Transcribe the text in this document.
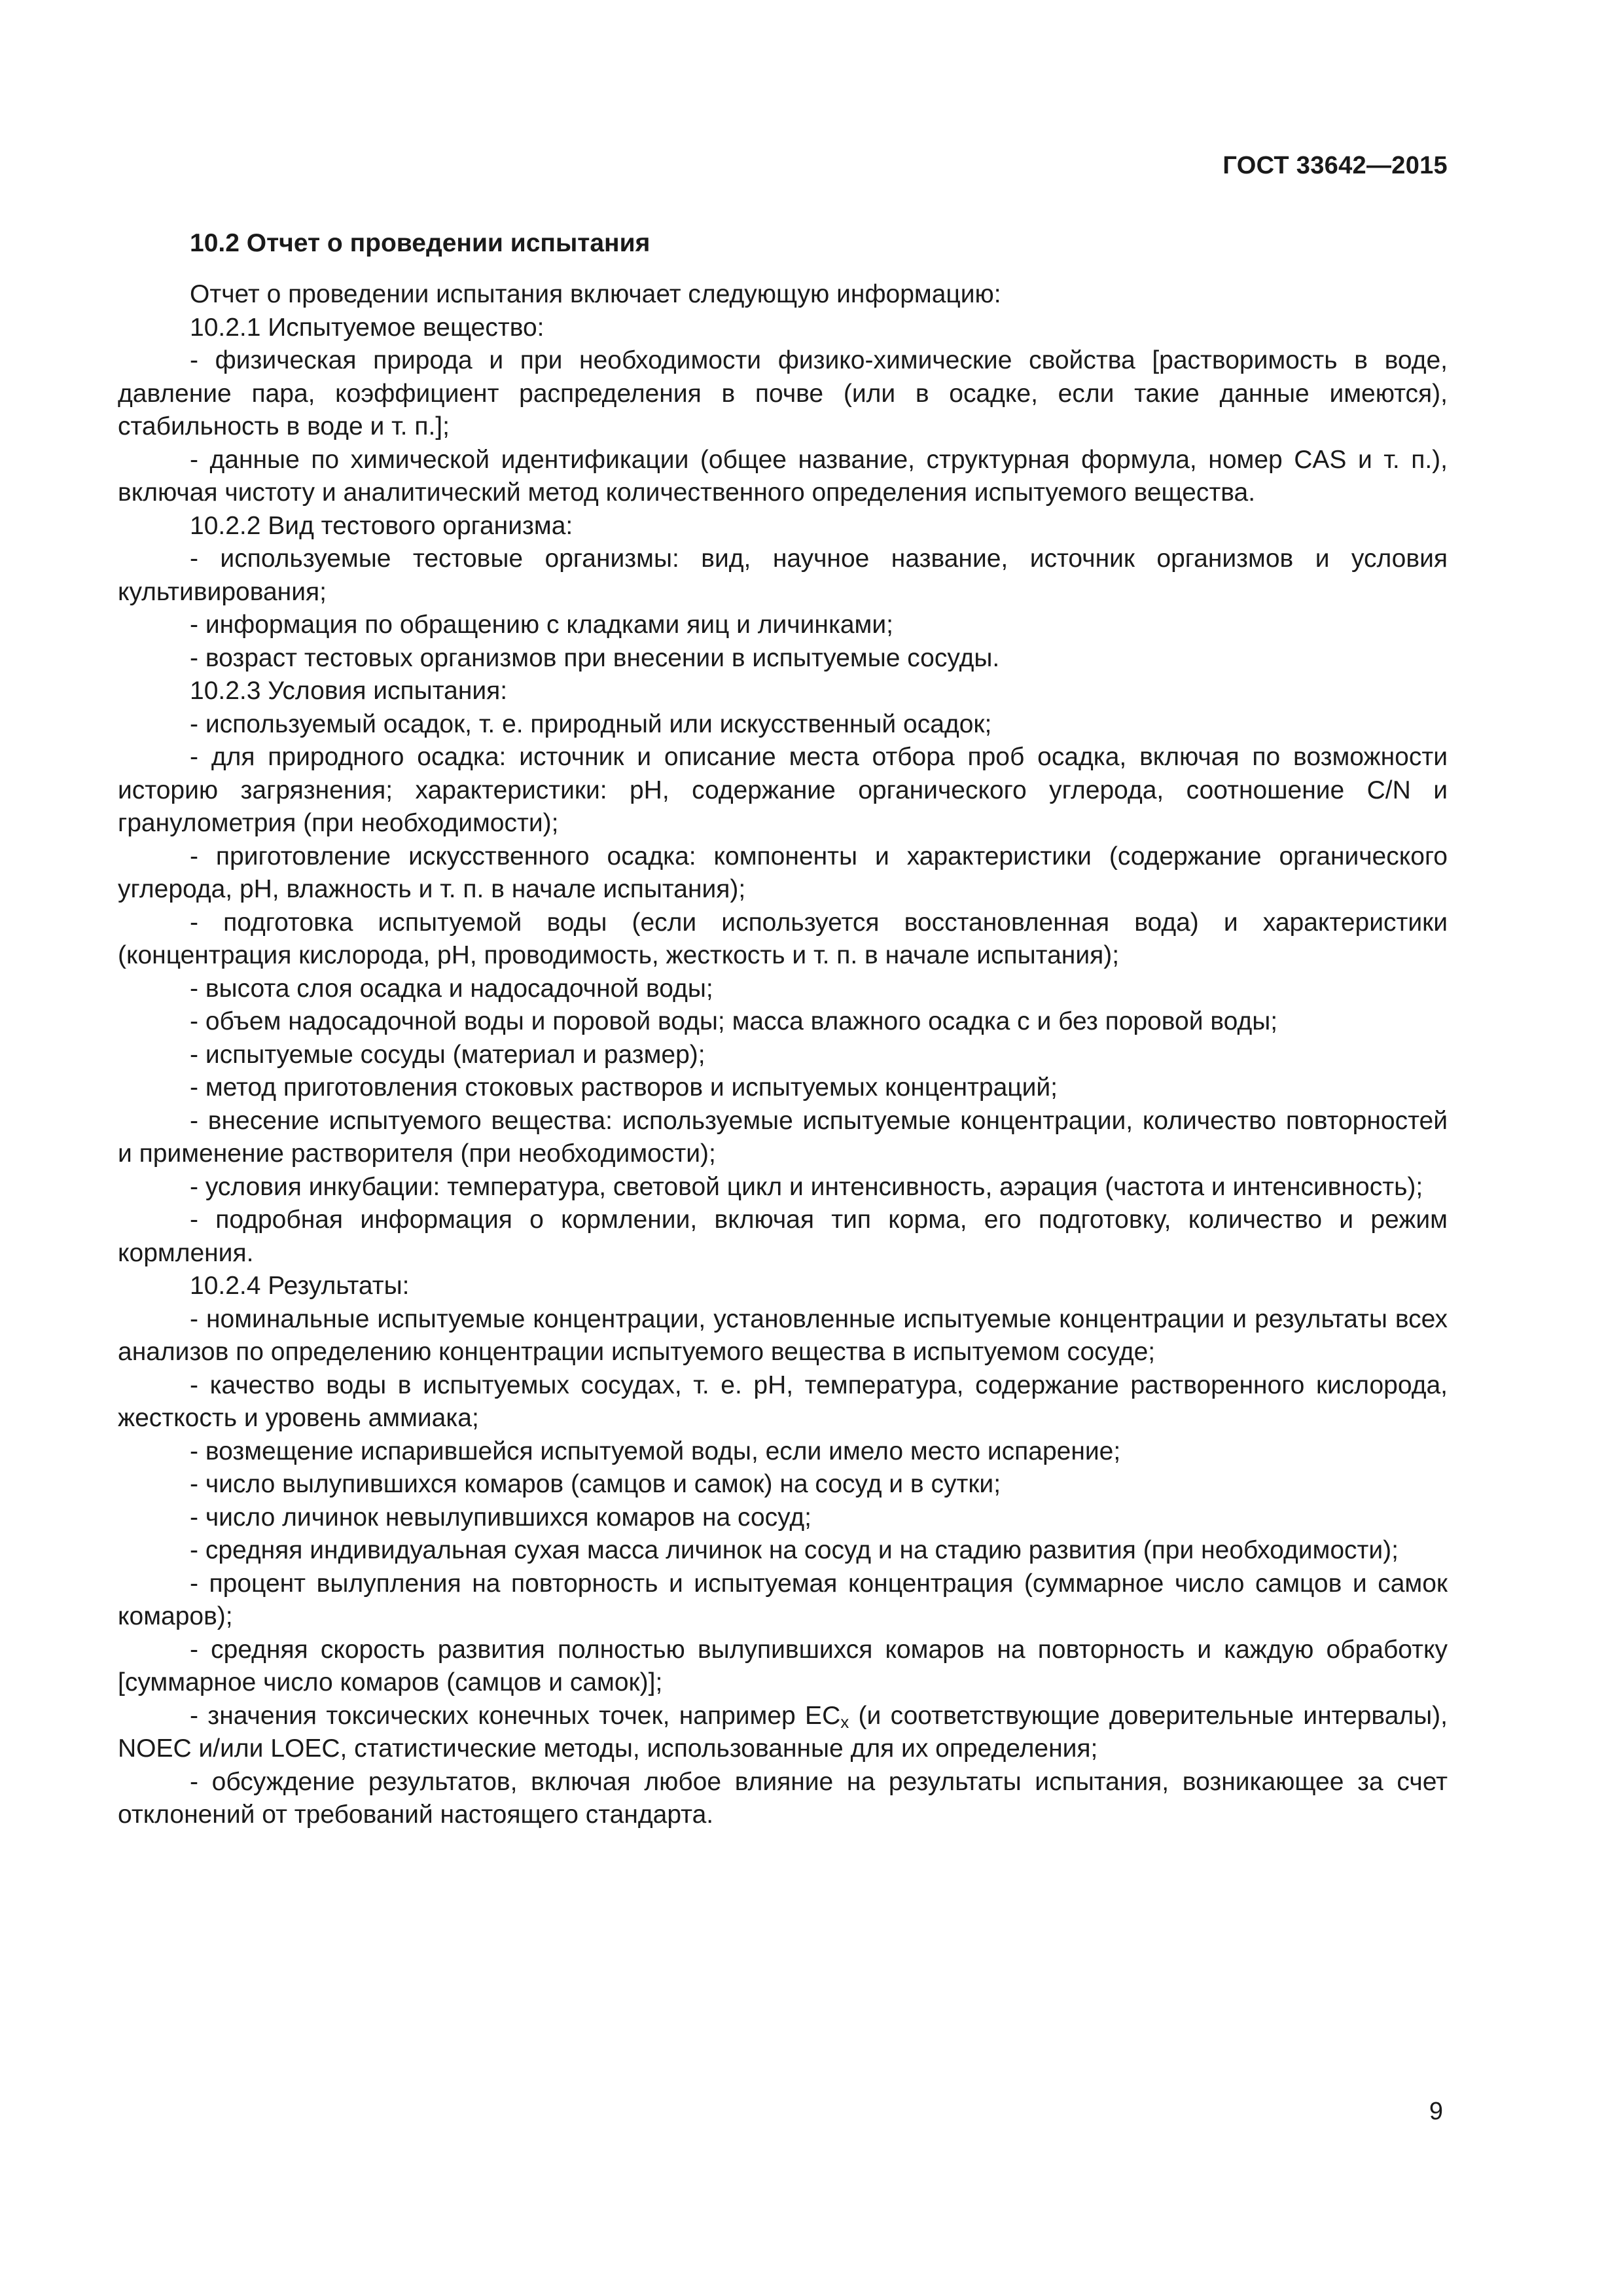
ГОСТ 33642—2015

10.2 Отчет о проведении испытания

Отчет о проведении испытания включает следующую информацию:

10.2.1 Испытуемое вещество:

- физическая природа и при необходимости физико-химические свойства [растворимость в воде, давление пара, коэффициент распределения в почве (или в осадке, если такие данные имеются), стабильность в воде и т. п.];

- данные по химической идентификации (общее название, структурная формула, номер CAS и т. п.), включая чистоту и аналитический метод количественного определения испытуемого вещества.

10.2.2 Вид тестового организма:

- используемые тестовые организмы: вид, научное название, источник организмов и условия культивирования;

- информация по обращению с кладками яиц и личинками;

- возраст тестовых организмов при внесении в испытуемые сосуды.

10.2.3 Условия испытания:

- используемый осадок, т. е. природный или искусственный осадок;

- для природного осадка: источник и описание места отбора проб осадка, включая по возможности историю загрязнения; характеристики: pH, содержание органического углерода, соотношение C/N и гранулометрия (при необходимости);

- приготовление искусственного осадка: компоненты и характеристики (содержание органического углерода, pH, влажность и т. п. в начале испытания);

- подготовка испытуемой воды (если используется восстановленная вода) и характеристики (концентрация кислорода, pH, проводимость, жесткость и т. п. в начале испытания);

- высота слоя осадка и надосадочной воды;

- объем надосадочной воды и поровой воды; масса влажного осадка с и без поровой воды;

- испытуемые сосуды (материал и размер);

- метод приготовления стоковых растворов и испытуемых концентраций;

- внесение испытуемого вещества: используемые испытуемые концентрации, количество повторностей и применение растворителя (при необходимости);

- условия инкубации: температура, световой цикл и интенсивность, аэрация (частота и интенсивность);

- подробная информация о кормлении, включая тип корма, его подготовку, количество и режим кормления.

10.2.4 Результаты:

- номинальные испытуемые концентрации, установленные испытуемые концентрации и результаты всех анализов по определению концентрации испытуемого вещества в испытуемом сосуде;

- качество воды в испытуемых сосудах, т. е. pH, температура, содержание растворенного кислорода, жесткость и уровень аммиака;

- возмещение испарившейся испытуемой воды, если имело место испарение;

- число вылупившихся комаров (самцов и самок) на сосуд и в сутки;

- число личинок невылупившихся комаров на сосуд;

- средняя индивидуальная сухая масса личинок на сосуд и на стадию развития (при необходимости);

- процент вылупления на повторность и испытуемая концентрация (суммарное число самцов и самок комаров);

- средняя скорость развития полностью вылупившихся комаров на повторность и каждую обработку [суммарное число комаров (самцов и самок)];

- значения токсических конечных точек, например $EC_x$ (и соответствующие доверительные интервалы), NOEC и/или LOEC, статистические методы, использованные для их определения;

- обсуждение результатов, включая любое влияние на результаты испытания, возникающее за счет отклонений от требований настоящего стандарта.

9
